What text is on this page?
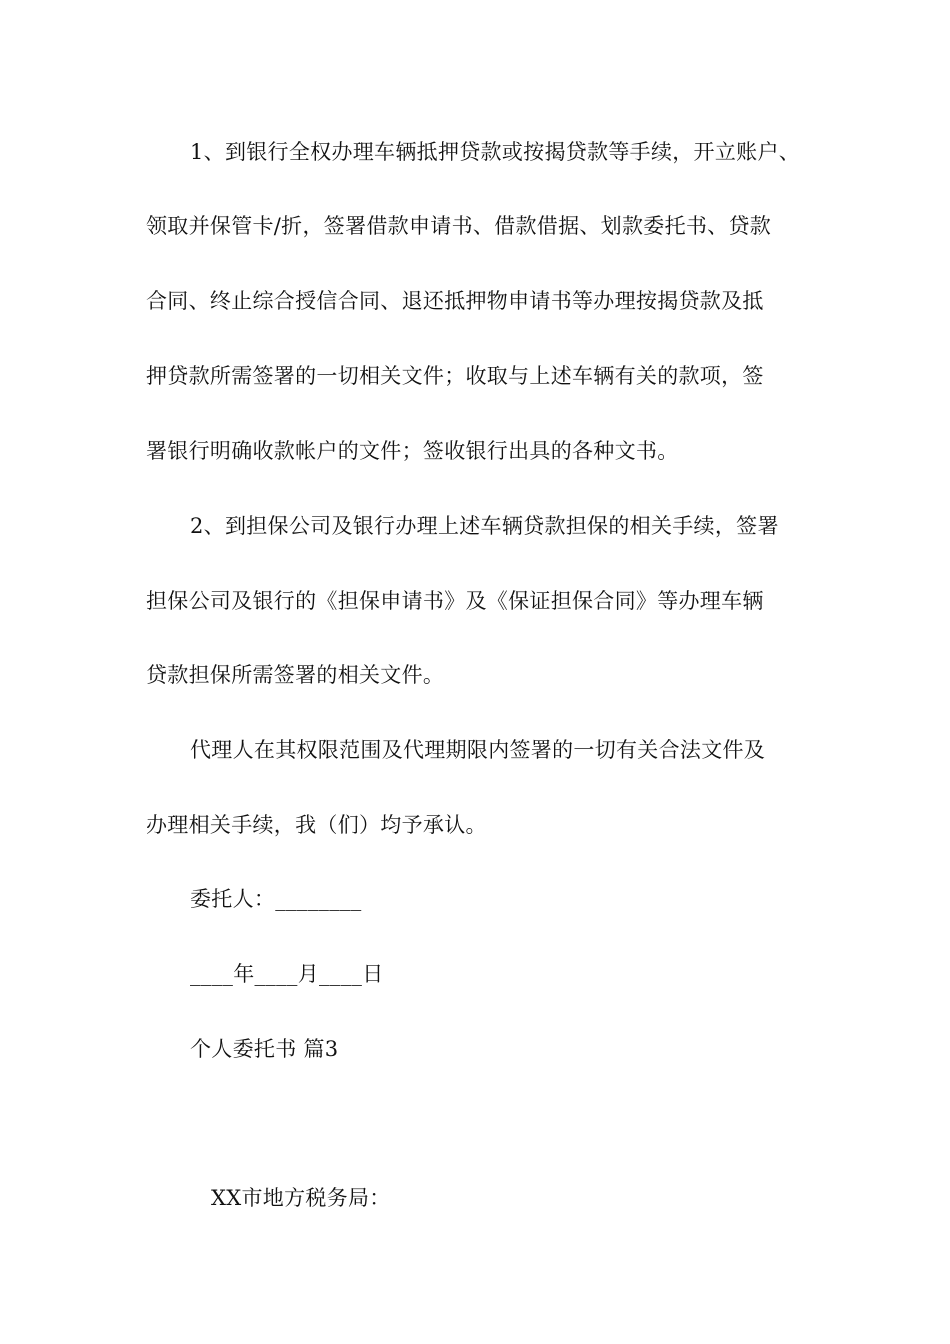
1、到银行全权办理车辆抵押贷款或按揭贷款等手续，开立账户、
领取并保管卡/折，签署借款申请书、借款借据、划款委托书、贷款
合同、终止综合授信合同、退还抵押物申请书等办理按揭贷款及抵
押贷款所需签署的一切相关文件；收取与上述车辆有关的款项，签
署银行明确收款帐户的文件；签收银行出具的各种文书。
2、到担保公司及银行办理上述车辆贷款担保的相关手续，签署
担保公司及银行的《担保申请书》及《保证担保合同》等办理车辆
贷款担保所需签署的相关文件。
代理人在其权限范围及代理期限内签署的一切有关合法文件及
办理相关手续，我（们）均予承认。
委托人：________
____年____月____日
个人委托书 篇3
XX市地方税务局：
